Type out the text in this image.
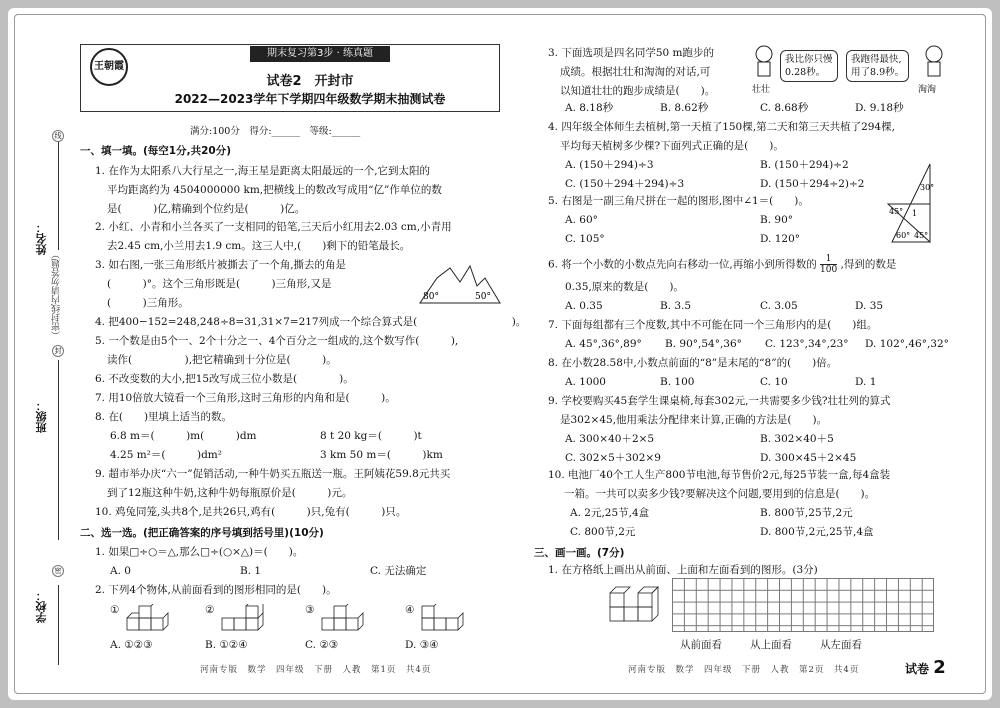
姓名：
班级：
学校：
（密封线内请勿答题）
线
封
密
王朝霞
期末复习第3步 · 练真题
试卷2　开封市
2022—2023学年下学期四年级数学期末抽测试卷
满分:100分　得分:______　等级:______
一、填一填。(每空1分,共20分)
1. 在作为太阳系八大行星之一,海王星是距离太阳最远的一个,它到太阳的
平均距离约为 4504000000 km,把横线上的数改写成用“亿”作单位的数
是(　　　)亿,精确到个位约是(　　　)亿。
2. 小红、小青和小兰各买了一支相同的铅笔,三天后小红用去2.03 cm,小青用
去2.45 cm,小兰用去1.9 cm。这三人中,(　　)剩下的铅笔最长。
3. 如右图,一张三角形纸片被撕去了一个角,撕去的角是
(　　　)°。这个三角形既是(　　　)三角形,又是
(　　　)三角形。	80°	50°
4. 把400−152=248,248÷8=31,31×7=217列成一个综合算式是(　　　　　　　　　)。
5. 一个数是由5个一、2个十分之一、4个百分之一组成的,这个数写作(　　　),
读作(　　　　　),把它精确到十分位是(　　　)。
6. 不改变数的大小,把15改写成三位小数是(　　　　)。
7. 用10倍放大镜看一个三角形,这时三角形的内角和是(　　　)。
8. 在(　　)里填上适当的数。
6.8 m＝(　　　)m(　　　)dm	8 t 20 kg＝(　　　)t
4.25 m²＝(　　　)dm²	3 km 50 m＝(　　　)km
9. 超市举办庆“六一”促销活动,一种牛奶买五瓶送一瓶。王阿姨花59.8元共买
到了12瓶这种牛奶,这种牛奶每瓶原价是(　　　)元。
10. 鸡兔同笼,头共8个,足共26只,鸡有(　　　)只,兔有(　　　)只。
二、选一选。(把正确答案的序号填到括号里)(10分)
1. 如果□÷○＝△,那么□÷(○×△)＝(　　)。
A. 0	B. 1	C. 无法确定
2. 下列4个物体,从前面看到的图形相同的是(　　)。
①	②	③	④
A. ①②③	B. ①②④	C. ②③	D. ③④
3. 下面选项是四名同学50 m跑步的
成绩。根据壮壮和淘淘的对话,可
以知道壮壮的跑步成绩是(　　)。	壮壮
我比你只慢
0.28秒。
我跑得最快,
用了8.9秒。
淘淘
A. 8.18秒	B. 8.62秒	C. 8.68秒	D. 9.18秒
4. 四年级全体师生去植树,第一天植了150棵,第二天和第三天共植了294棵,
平均每天植树多少棵?下面列式正确的是(　　)。
A. (150＋294)÷3	B. (150＋294)÷2
C. (150＋294＋294)÷3	D. (150＋294÷2)÷2
5. 右图是一副三角尺拼在一起的图形,图中∠1＝(　　)。
A. 60°	B. 90°
C. 105°	D. 120°
30°
45° 1
60° 45°
6. 将一个小数的小数点先向右移动一位,再缩小到所得数的 $\frac{1}{100}$ ,得到的数是
0.35,原来的数是(　　)。
A. 0.35	B. 3.5	C. 3.05	D. 35
7. 下面每组都有三个度数,其中不可能在同一个三角形内的是(　　)组。
A. 45°,36°,89° B. 90°,54°,36° C. 123°,34°,23° D. 102°,46°,32°
8. 在小数28.58中,小数点前面的“8”是末尾的“8”的(　　)倍。
A. 1000	B. 100	C. 10	D. 1
9. 学校要购买45套学生课桌椅,每套302元,一共需要多少钱?壮壮列的算式
是302×45,他用乘法分配律来计算,正确的方法是(　　)。
A. 300×40＋2×5	B. 302×40＋5
C. 302×5＋302×9	D. 300×45＋2×45
10. 电池厂40个工人生产800节电池,每节售价2元,每25节装一盒,每4盒装
一箱。一共可以卖多少钱?要解决这个问题,要用到的信息是(　　)。
A. 2元,25节,4盒	B. 800节,25节,2元
C. 800节,2元	D. 800节,2元,25节,4盒
三、画一画。(7分)
1. 在方格纸上画出从前面、上面和左面看到的图形。(3分)
从前面看	从上面看	从左面看
河南专版　数学　四年级　下册　人教　第1页　共4页	河南专版　数学　四年级　下册　人教　第2页　共4页	试卷 2
